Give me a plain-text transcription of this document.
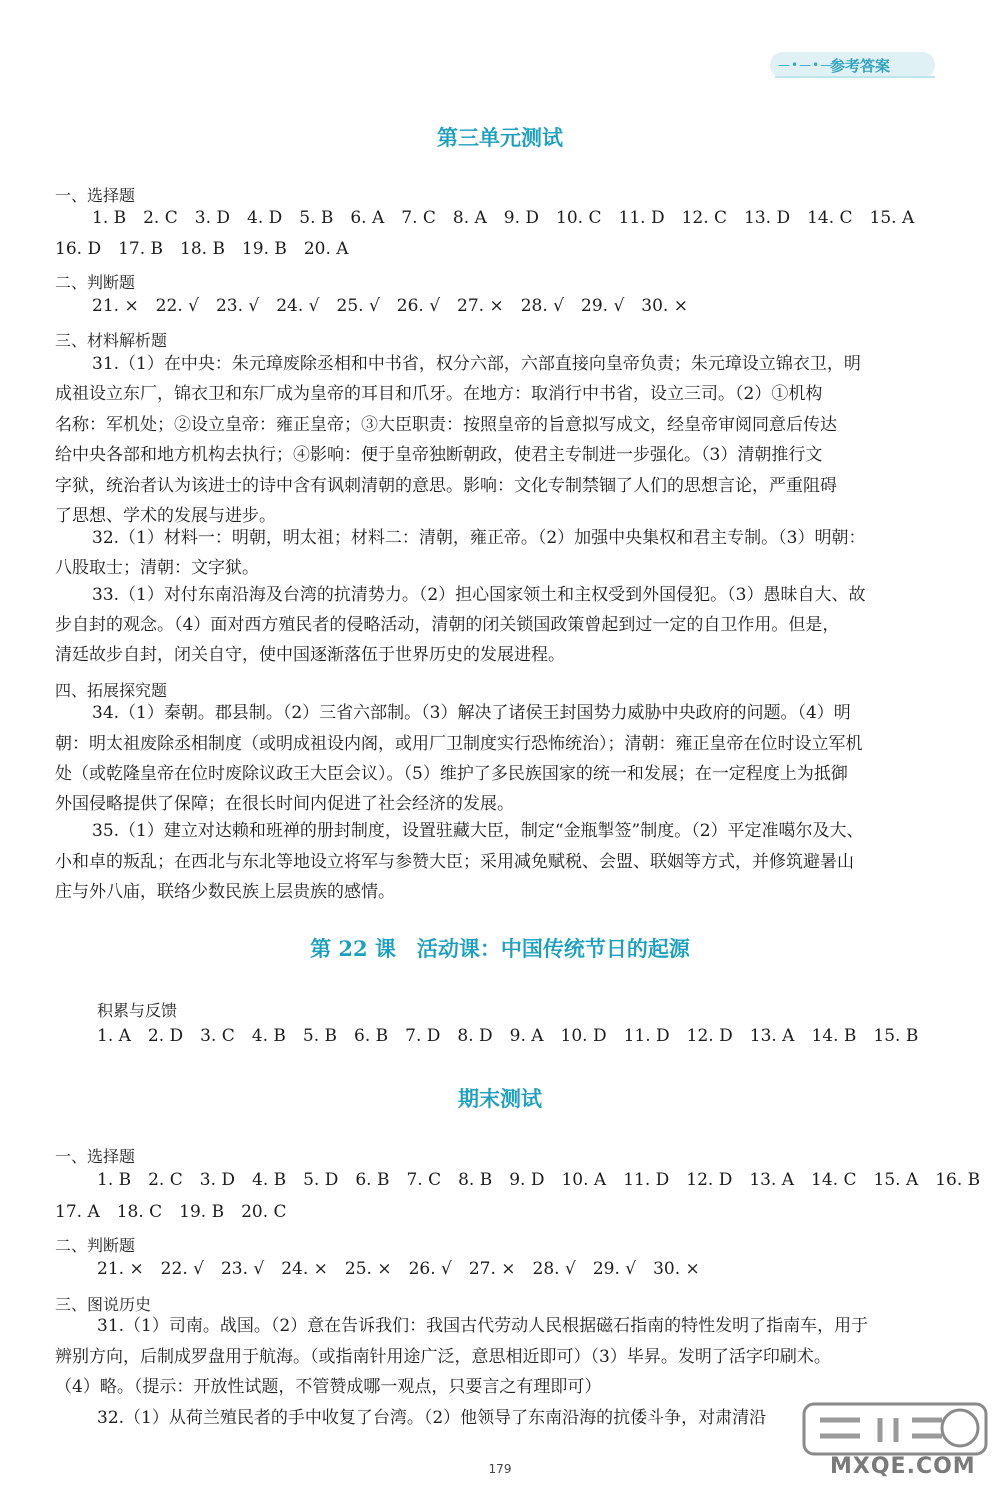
—•—•—
参考答案
第三单元测试
一、选择题
1. B　2. C　3. D　4. D　5. B　6. A　7. C　8. A　9. D　10. C　11. D　12. C　13. D　14. C　15. A
16. D　17. B　18. B　19. B　20. A
二、判断题
21. ×　22. √　23. √　24. √　25. √　26. √　27. ×　28. √　29. √　30. ×
三、材料解析题
31.（1）在中央：朱元璋废除丞相和中书省，权分六部，六部直接向皇帝负责；朱元璋设立锦衣卫，明
成祖设立东厂，锦衣卫和东厂成为皇帝的耳目和爪牙。在地方：取消行中书省，设立三司。（2）①机构
名称：军机处；②设立皇帝：雍正皇帝；③大臣职责：按照皇帝的旨意拟写成文，经皇帝审阅同意后传达
给中央各部和地方机构去执行；④影响：便于皇帝独断朝政，使君主专制进一步强化。（3）清朝推行文
字狱，统治者认为该进士的诗中含有讽刺清朝的意思。影响：文化专制禁锢了人们的思想言论，严重阻碍
了思想、学术的发展与进步。
32.（1）材料一：明朝，明太祖；材料二：清朝，雍正帝。（2）加强中央集权和君主专制。（3）明朝：
八股取士；清朝：文字狱。
33.（1）对付东南沿海及台湾的抗清势力。（2）担心国家领土和主权受到外国侵犯。（3）愚昧自大、故
步自封的观念。（4）面对西方殖民者的侵略活动，清朝的闭关锁国政策曾起到过一定的自卫作用。但是，
清廷故步自封，闭关自守，使中国逐渐落伍于世界历史的发展进程。
四、拓展探究题
34.（1）秦朝。郡县制。（2）三省六部制。（3）解决了诸侯王封国势力威胁中央政府的问题。（4）明
朝：明太祖废除丞相制度（或明成祖设内阁，或用厂卫制度实行恐怖统治）；清朝：雍正皇帝在位时设立军机
处（或乾隆皇帝在位时废除议政王大臣会议）。（5）维护了多民族国家的统一和发展；在一定程度上为抵御
外国侵略提供了保障；在很长时间内促进了社会经济的发展。
35.（1）建立对达赖和班禅的册封制度，设置驻藏大臣，制定“金瓶掣签”制度。（2）平定准噶尔及大、
小和卓的叛乱；在西北与东北等地设立将军与参赞大臣；采用减免赋税、会盟、联姻等方式，并修筑避暑山
庄与外八庙，联络少数民族上层贵族的感情。
第 22 课　活动课：中国传统节日的起源
积累与反馈
1. A　2. D　3. C　4. B　5. B　6. B　7. D　8. D　9. A　10. D　11. D　12. D　13. A　14. B　15. B
期末测试
一、选择题
1. B　2. C　3. D　4. B　5. D　6. B　7. C　8. B　9. D　10. A　11. D　12. D　13. A　14. C　15. A　16. B
17. A　18. C　19. B　20. C
二、判断题
21. ×　22. √　23. √　24. ×　25. ×　26. √　27. ×　28. √　29. √　30. ×
三、图说历史
31.（1）司南。战国。（2）意在告诉我们：我国古代劳动人民根据磁石指南的特性发明了指南车，用于
辨别方向，后制成罗盘用于航海。（或指南针用途广泛，意思相近即可）（3）毕昇。发明了活字印刷术。
（4）略。（提示：开放性试题，不管赞成哪一观点，只要言之有理即可）
32.（1）从荷兰殖民者的手中收复了台湾。（2）他领导了东南沿海的抗倭斗争，对肃清沿
179	MXQE.COM
